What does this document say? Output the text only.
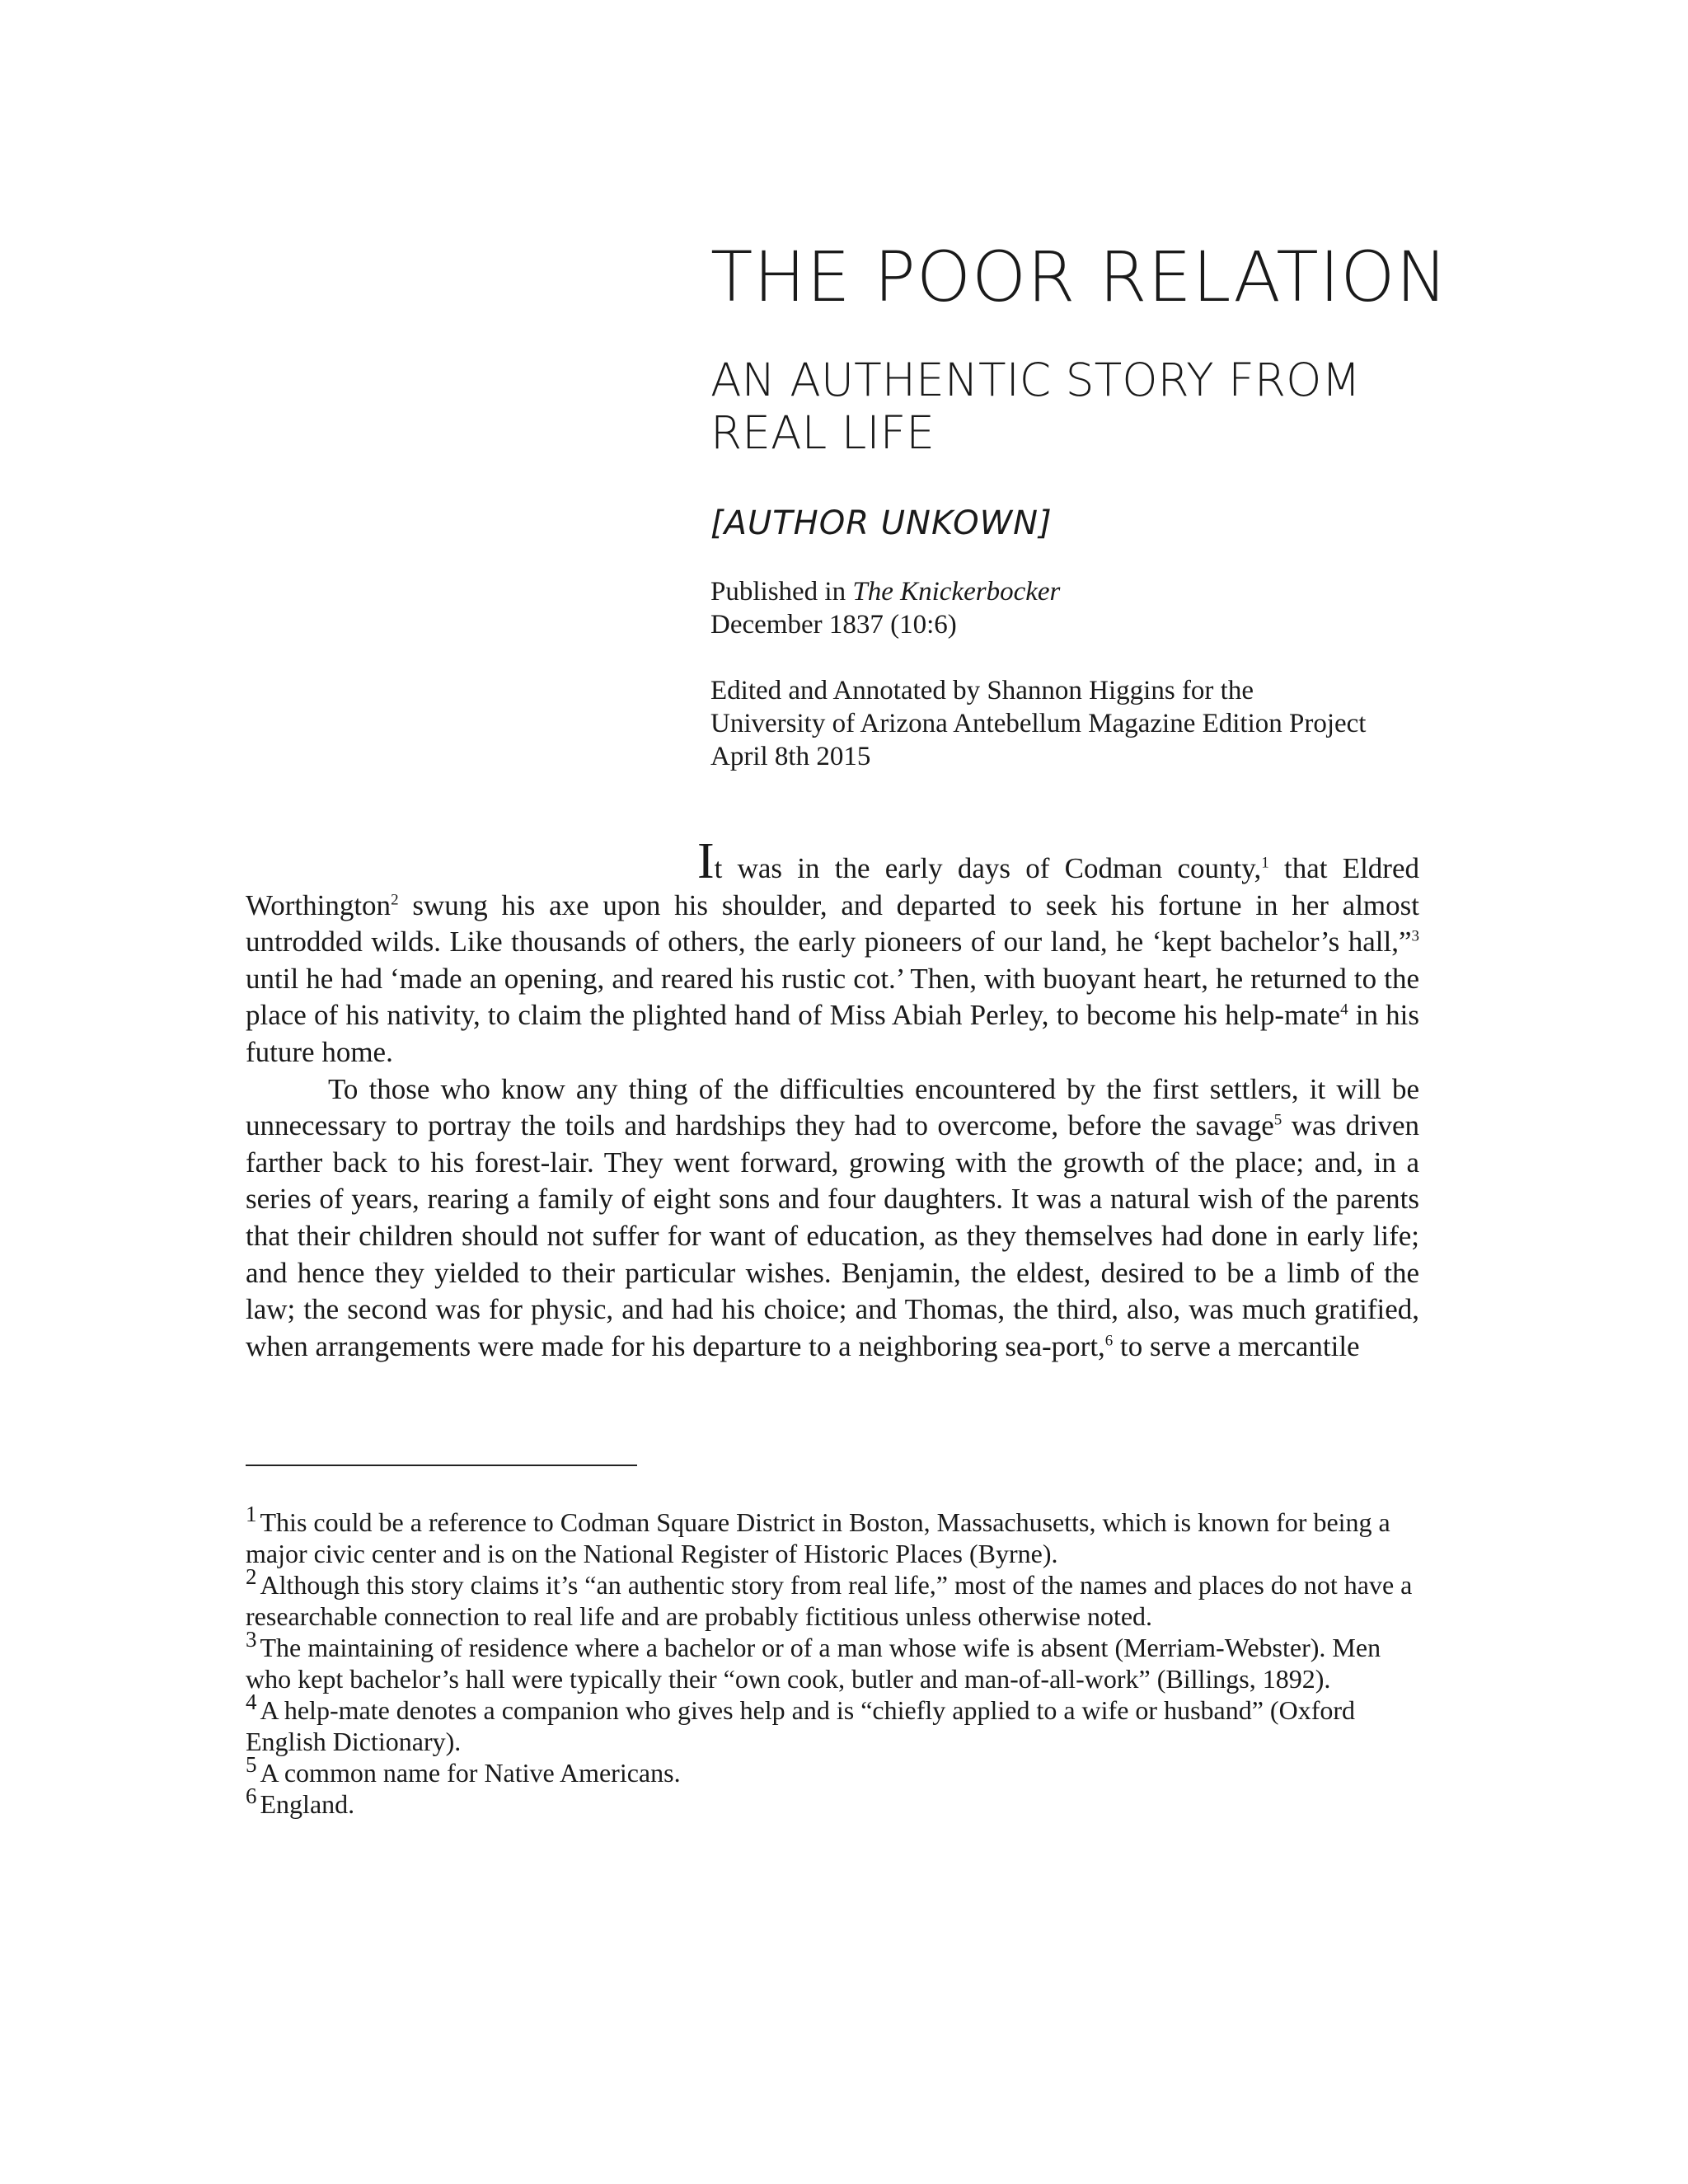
THE POOR RELATION
AN AUTHENTIC STORY FROM REAL LIFE
[AUTHOR UNKOWN]
Published in The Knickerbocker
December 1837 (10:6)
Edited and Annotated by Shannon Higgins for the
University of Arizona Antebellum Magazine Edition Project
April 8th 2015

It was in the early days of Codman county,$^1$ that Eldred Worthington$^2$ swung his axe upon his shoulder, and departed to seek his fortune in her almost untrodded wilds. Like thousands of others, the early pioneers of our land, he ‘kept bachelor’s hall,”$^3$ until he had ‘made an opening, and reared his rustic cot.’ Then, with buoyant heart, he returned to the place of his nativity, to claim the plighted hand of Miss Abiah Perley, to become his help-mate$^4$ in his future home.

To those who know any thing of the difficulties encountered by the first settlers, it will be unnecessary to portray the toils and hardships they had to overcome, before the savage$^5$ was driven farther back to his forest-lair. They went forward, growing with the growth of the place; and, in a series of years, rearing a family of eight sons and four daughters. It was a natural wish of the parents that their children should not suffer for want of education, as they themselves had done in early life; and hence they yielded to their particular wishes. Benjamin, the eldest, desired to be a limb of the law; the second was for physic, and had his choice; and Thomas, the third, also, was much gratified, when arrangements were made for his departure to a neighboring sea-port,$^6$ to serve a mercantile

$^1$ This could be a reference to Codman Square District in Boston, Massachusetts, which is known for being a major civic center and is on the National Register of Historic Places (Byrne).

$^2$ Although this story claims it’s “an authentic story from real life,” most of the names and places do not have a researchable connection to real life and are probably fictitious unless otherwise noted.

$^3$ The maintaining of residence where a bachelor or of a man whose wife is absent (Merriam-Webster). Men who kept bachelor’s hall were typically their “own cook, butler and man-of-all-work” (Billings, 1892).

$^4$ A help-mate denotes a companion who gives help and is “chiefly applied to a wife or husband” (Oxford English Dictionary).

$^5$ A common name for Native Americans.

$^6$ England.
